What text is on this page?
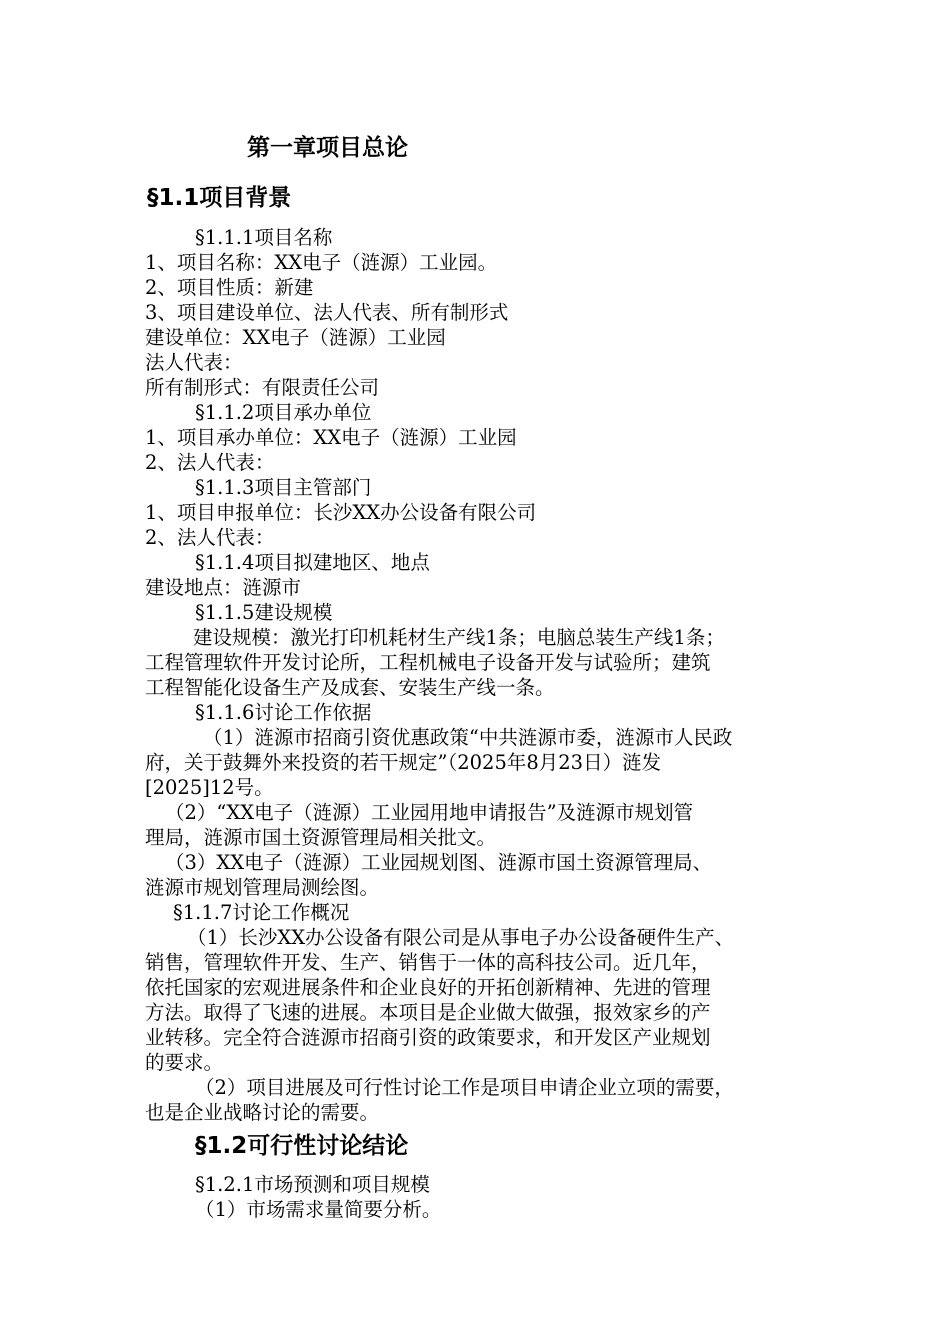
第一章项目总论
§1.1项目背景
§1.1.1项目名称
1、项目名称：XX电子（涟源）工业园。
2、项目性质：新建
3、项目建设单位、法人代表、所有制形式
建设单位：XX电子（涟源）工业园
法人代表：
所有制形式：有限责任公司
§1.1.2项目承办单位
1、项目承办单位：XX电子（涟源）工业园
2、法人代表：
§1.1.3项目主管部门
1、项目申报单位：长沙XX办公设备有限公司
2、法人代表：
§1.1.4项目拟建地区、地点
建设地点：涟源市
§1.1.5建设规模
建设规模：激光打印机耗材生产线1条；电脑总装生产线1条；
工程管理软件开发讨论所，工程机械电子设备开发与试验所；建筑
工程智能化设备生产及成套、安装生产线一条。
§1.1.6讨论工作依据
（1）涟源市招商引资优惠政策“中共涟源市委，涟源市人民政
府，关于鼓舞外来投资的若干规定”（2025年8月23日）涟发
[2025]12号。
（2）“XX电子（涟源）工业园用地申请报告”及涟源市规划管
理局，涟源市国土资源管理局相关批文。
（3）XX电子（涟源）工业园规划图、涟源市国土资源管理局、
涟源市规划管理局测绘图。
§1.1.7讨论工作概况
（1）长沙XX办公设备有限公司是从事电子办公设备硬件生产、
销售，管理软件开发、生产、销售于一体的高科技公司。近几年，
依托国家的宏观进展条件和企业良好的开拓创新精神、先进的管理
方法。取得了飞速的进展。本项目是企业做大做强，报效家乡的产
业转移。完全符合涟源市招商引资的政策要求，和开发区产业规划
的要求。
（2）项目进展及可行性讨论工作是项目申请企业立项的需要，
也是企业战略讨论的需要。
§1.2可行性讨论结论
§1.2.1市场预测和项目规模
（1）市场需求量简要分析。
